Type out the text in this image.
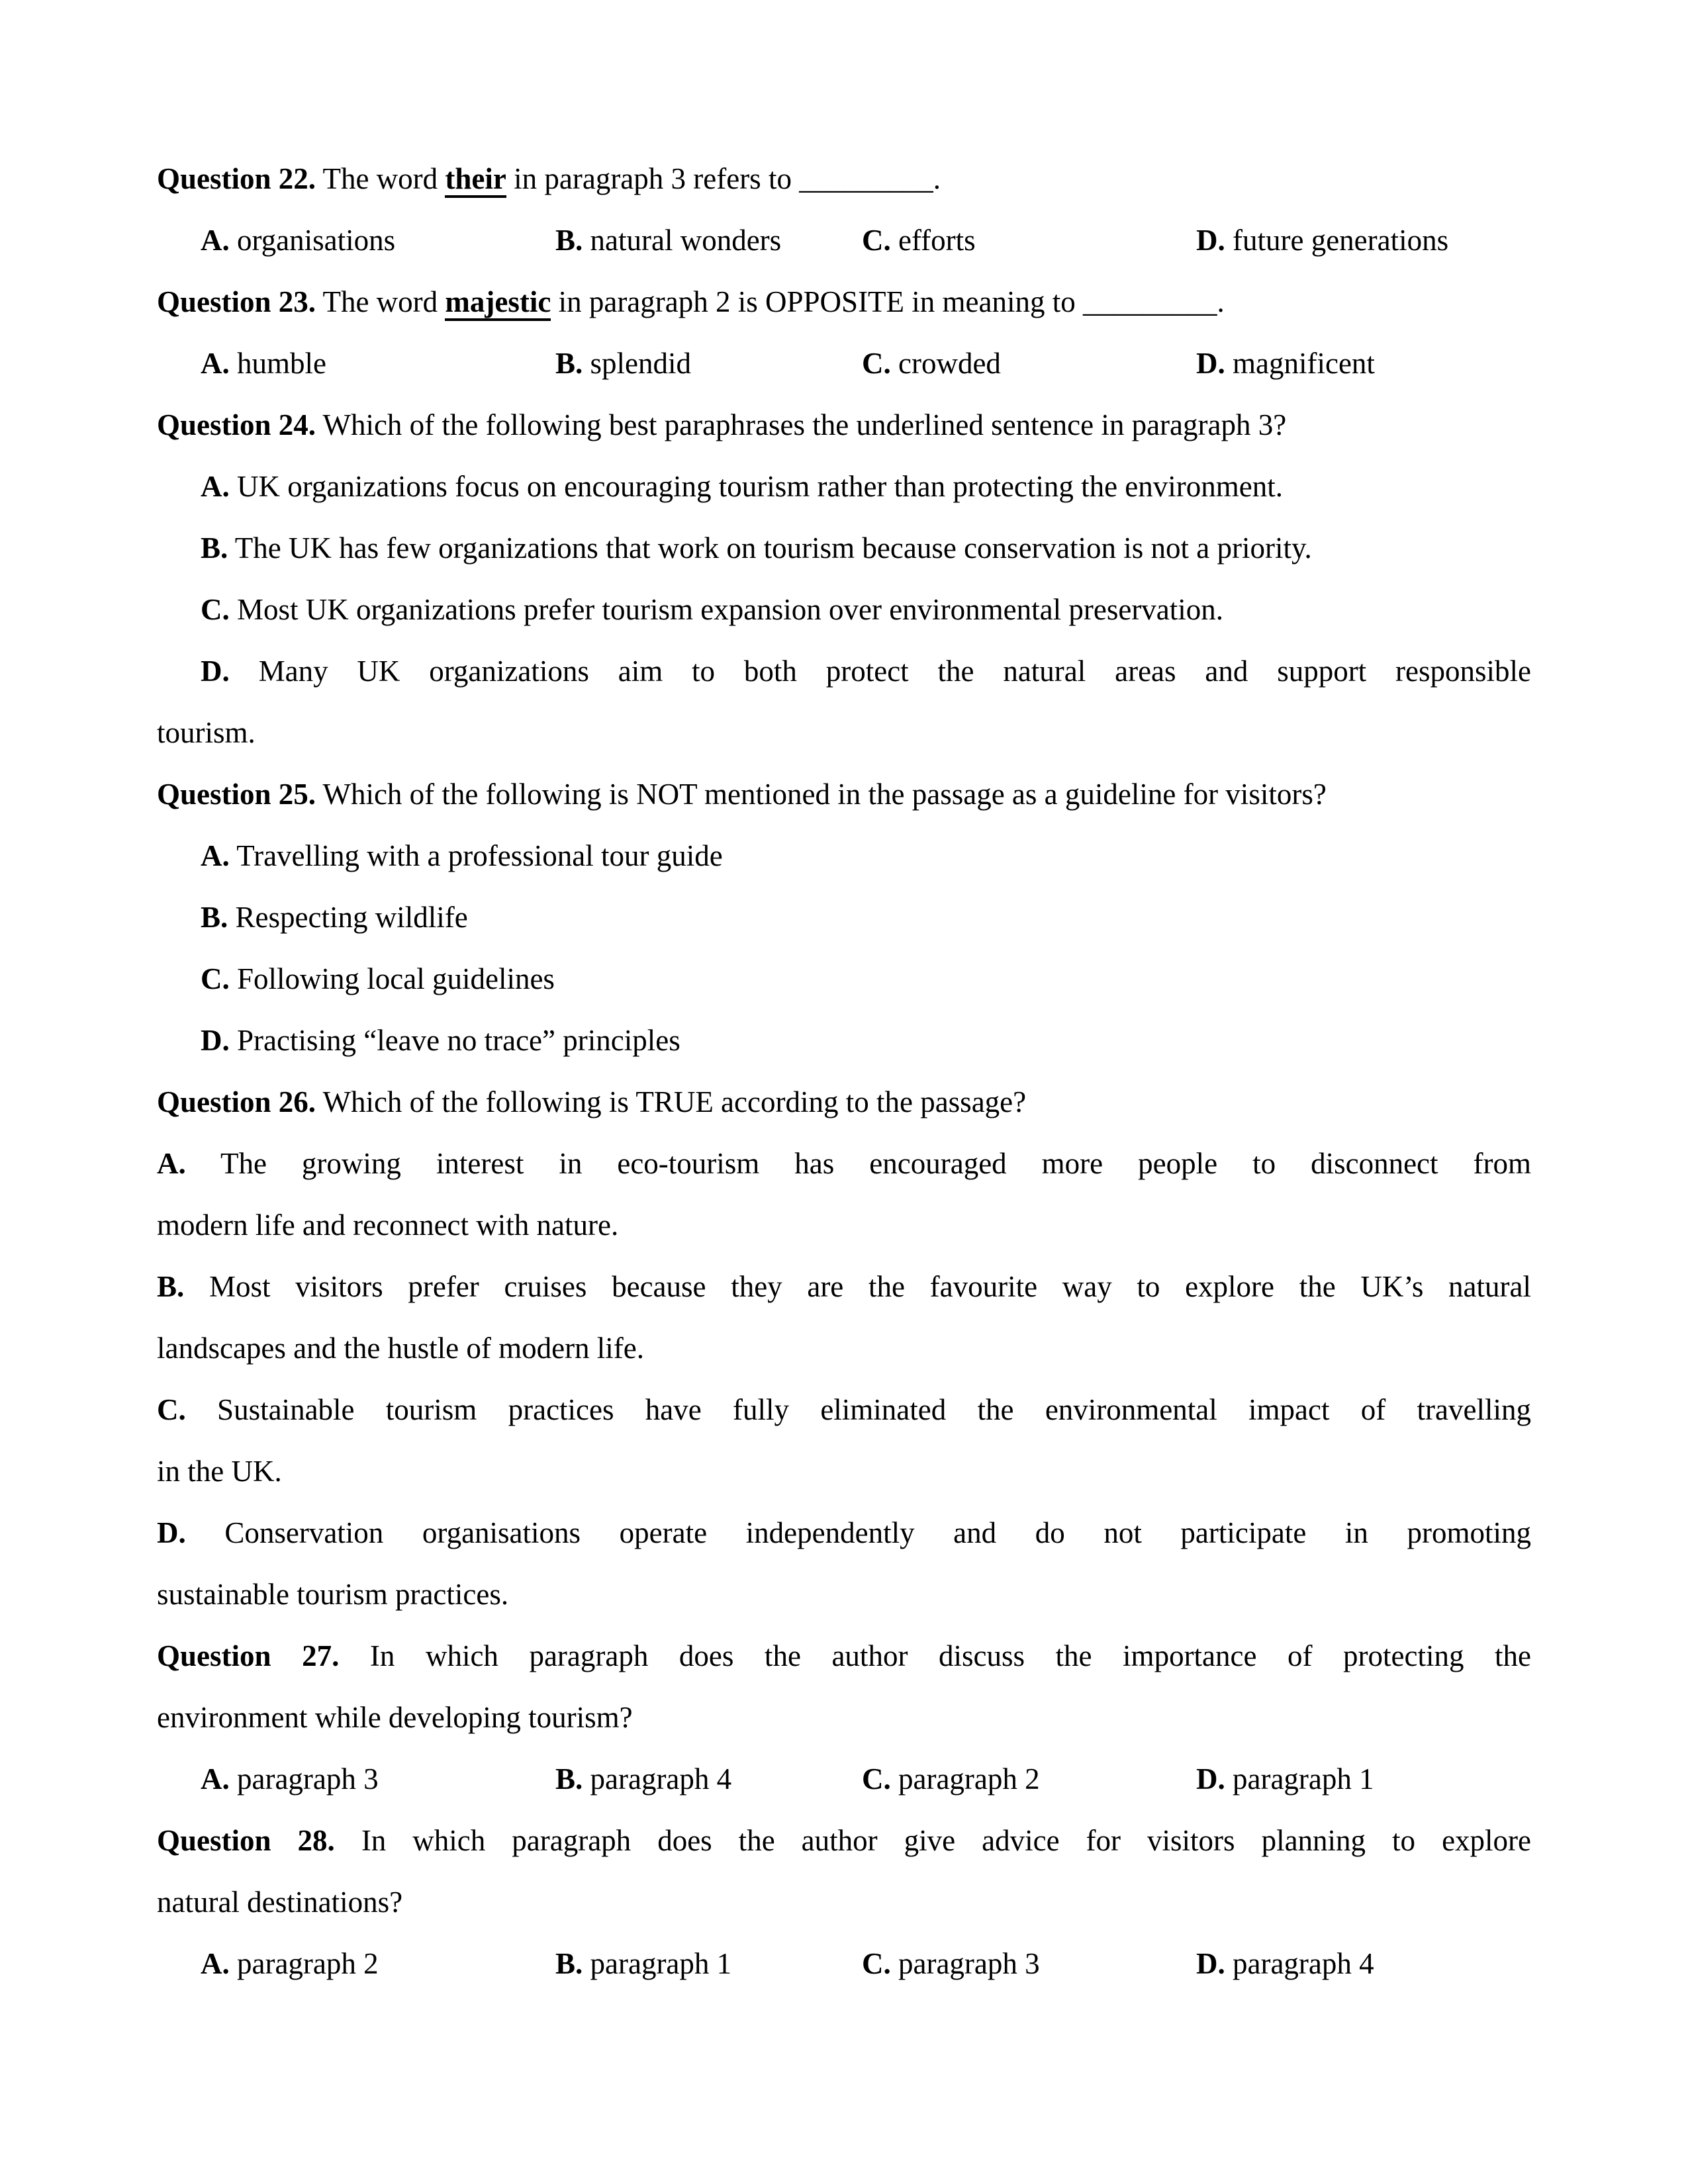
Question 22. The word their in paragraph 3 refers to _________.
A. organisations	B. natural wonders	C. efforts	D. future generations
Question 23. The word majestic in paragraph 2 is OPPOSITE in meaning to _________.
A. humble	B. splendid	C. crowded	D. magnificent
Question 24. Which of the following best paraphrases the underlined sentence in paragraph 3?
A. UK organizations focus on encouraging tourism rather than protecting the environment.
B. The UK has few organizations that work on tourism because conservation is not a priority.
C. Most UK organizations prefer tourism expansion over environmental preservation.
D. Many UK organizations aim to both protect the natural areas and support responsible
tourism.
Question 25. Which of the following is NOT mentioned in the passage as a guideline for visitors?
A. Travelling with a professional tour guide
B. Respecting wildlife
C. Following local guidelines
D. Practising “leave no trace” principles
Question 26. Which of the following is TRUE according to the passage?
A. The growing interest in eco-tourism has encouraged more people to disconnect from
modern life and reconnect with nature.
B. Most visitors prefer cruises because they are the favourite way to explore the UK’s natural
landscapes and the hustle of modern life.
C. Sustainable tourism practices have fully eliminated the environmental impact of travelling
in the UK.
D. Conservation organisations operate independently and do not participate in promoting
sustainable tourism practices.
Question 27. In which paragraph does the author discuss the importance of protecting the
environment while developing tourism?
A. paragraph 3	B. paragraph 4	C. paragraph 2	D. paragraph 1
Question 28. In which paragraph does the author give advice for visitors planning to explore
natural destinations?
A. paragraph 2	B. paragraph 1	C. paragraph 3	D. paragraph 4
